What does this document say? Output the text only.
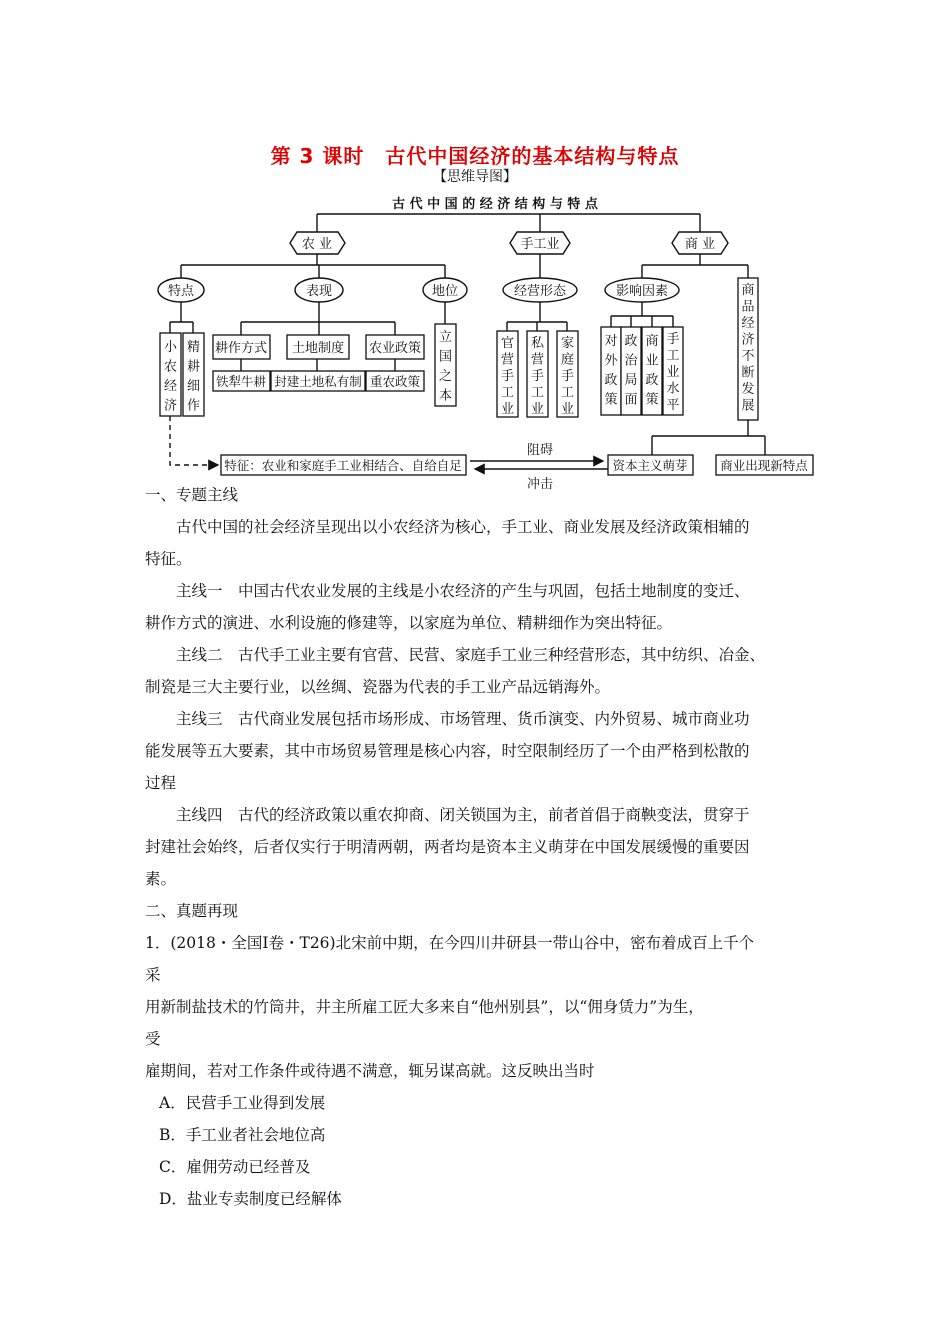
第 3 课时　古代中国经济的基本结构与特点
【思维导图】
古 代 中 国 的 经 济 结 构 与 特 点
农 业	手工业	商 业
特点	表现	地位	经营形态	影响因素
耕作方式 土地制度 农业政策
铁犁牛耕 封建土地私有制 重农政策
特征：农业和家庭手工业相结合、自给自足	资本主义萌芽	商业出现新特点
阻碍
冲击
小
农
经
济
精
耕
细
作
立
国
之
本
官
营
手
工
业
私
营
手
工
业
家
庭
手
工
业
对
外
政
策
政
治
局
面
商
业
政
策
手
工
业
水
平
商
品
经
济
不
断
发
展

一、专题主线

古代中国的社会经济呈现出以小农经济为核心，手工业、商业发展及经济政策相辅的

特征。

主线一　中国古代农业发展的主线是小农经济的产生与巩固，包括土地制度的变迁、

耕作方式的演进、水利设施的修建等，以家庭为单位、精耕细作为突出特征。

主线二　古代手工业主要有官营、民营、家庭手工业三种经营形态，其中纺织、冶金、

制瓷是三大主要行业，以丝绸、瓷器为代表的手工业产品远销海外。

主线三　古代商业发展包括市场形成、市场管理、货币演变、内外贸易、城市商业功

能发展等五大要素，其中市场贸易管理是核心内容，时空限制经历了一个由严格到松散的

过程

主线四　古代的经济政策以重农抑商、闭关锁国为主，前者首倡于商鞅变法，贯穿于

封建社会始终，后者仅实行于明清两朝，两者均是资本主义萌芽在中国发展缓慢的重要因

素。

二、真题再现

1．(2018・全国Ⅰ卷・T26)北宋前中期，在今四川井研县一带山谷中，密布着成百上千个

采

用新制盐技术的竹筒井，井主所雇工匠大多来自“他州别县”，以“佣身赁力”为生，

受

雇期间，若对工作条件或待遇不满意，辄另谋高就。这反映出当时

A．民营手工业得到发展

B．手工业者社会地位高

C．雇佣劳动已经普及

D．盐业专卖制度已经解体
